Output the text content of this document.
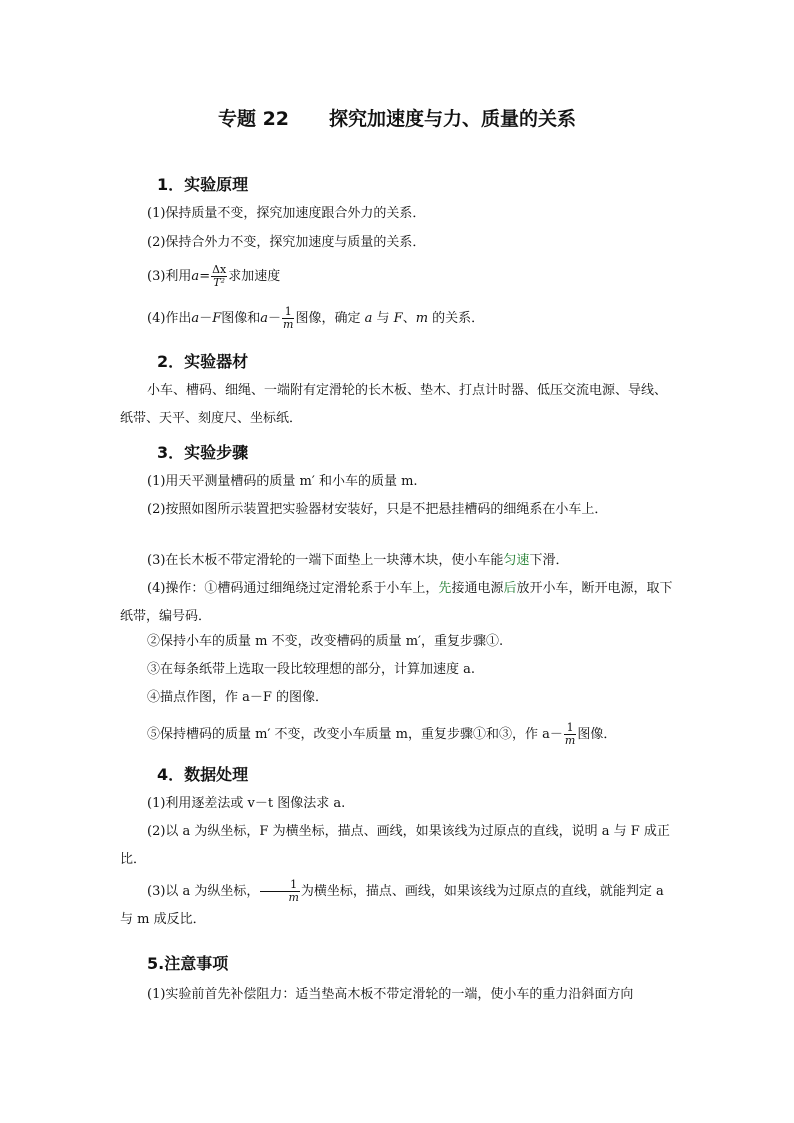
专题 22 探究加速度与力、质量的关系
1．实验原理
(1)保持质量不变，探究加速度跟合外力的关系．
(2)保持合外力不变，探究加速度与质量的关系．
(3)利用$a= \frac{\Delta x}{\text{T²}}$ 求加速度
(4)作出a－F图像和$a- \frac{1}{m}$ 图像，确定 a 与 F、m 的关系．
2．实验器材
小车、槽码、细绳、一端附有定滑轮的长木板、垫木、打点计时器、低压交流电源、导线、纸带、天平、刻度尺、坐标纸．
3．实验步骤
(1)用天平测量槽码的质量 m′ 和小车的质量 m.
(2)按照如图所示装置把实验器材安装好，只是不把悬挂槽码的细绳系在小车上．
(3)在长木板不带定滑轮的一端下面垫上一块薄木块，使小车能匀速下滑．
(4)操作：①槽码通过细绳绕过定滑轮系于小车上，先接通电源后放开小车，断开电源，取下纸带，编号码．
②保持小车的质量 m 不变，改变槽码的质量 m′，重复步骤①.
③在每条纸带上选取一段比较理想的部分，计算加速度 a.
④描点作图，作 a－F 的图像．
⑤保持槽码的质量 m′ 不变，改变小车质量 m，重复步骤①和③，作 $a- \frac{1}{m}$ 图像．
4．数据处理
(1)利用逐差法或 v－t 图像法求 a.
(2)以 a 为纵坐标，F 为横坐标，描点、画线，如果该线为过原点的直线，说明 a 与 F 成正比．
(3)以 a 为纵坐标， $\frac{1}{m}$ 为横坐标，描点、画线，如果该线为过原点的直线，就能判定 a 与 m 成反比．
5.注意事项
(1)实验前首先补偿阻力：适当垫高木板不带定滑轮的一端，使小车的重力沿斜面方向
